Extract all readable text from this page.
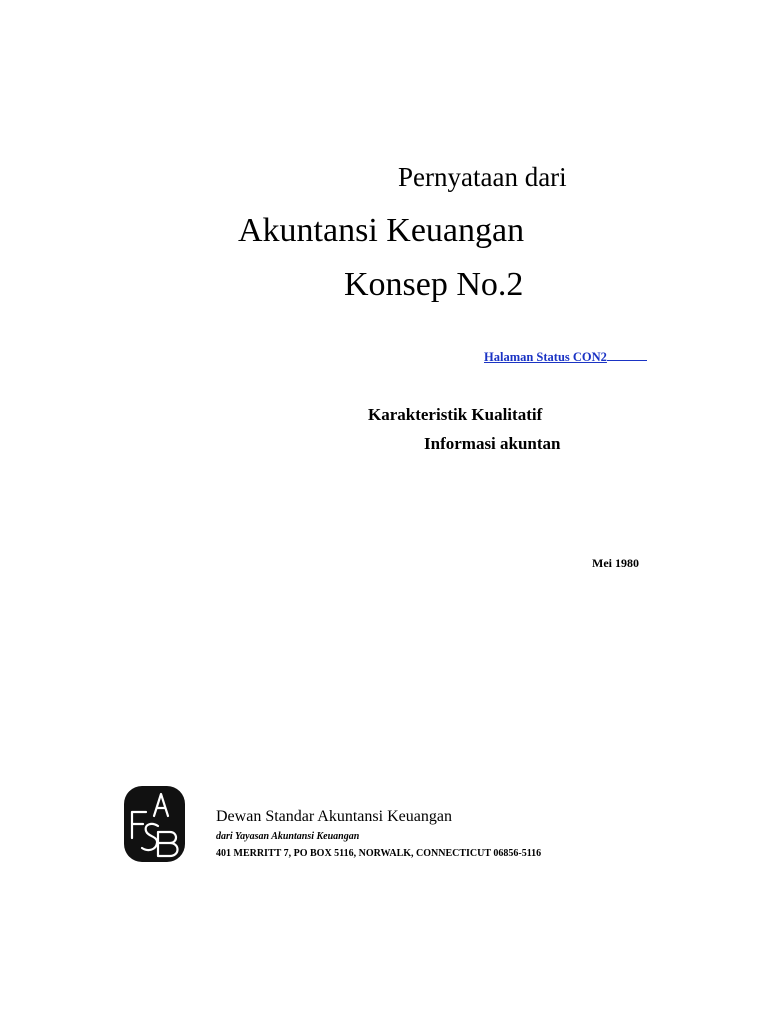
Pernyataan dari
Akuntansi Keuangan
Konsep No.2
Halaman Status CON2
Karakteristik Kualitatif
Informasi akuntan
Mei 1980
Dewan Standar Akuntansi Keuangan
dari Yayasan Akuntansi Keuangan
401 MERRITT 7, PO BOX 5116, NORWALK, CONNECTICUT 06856-5116
